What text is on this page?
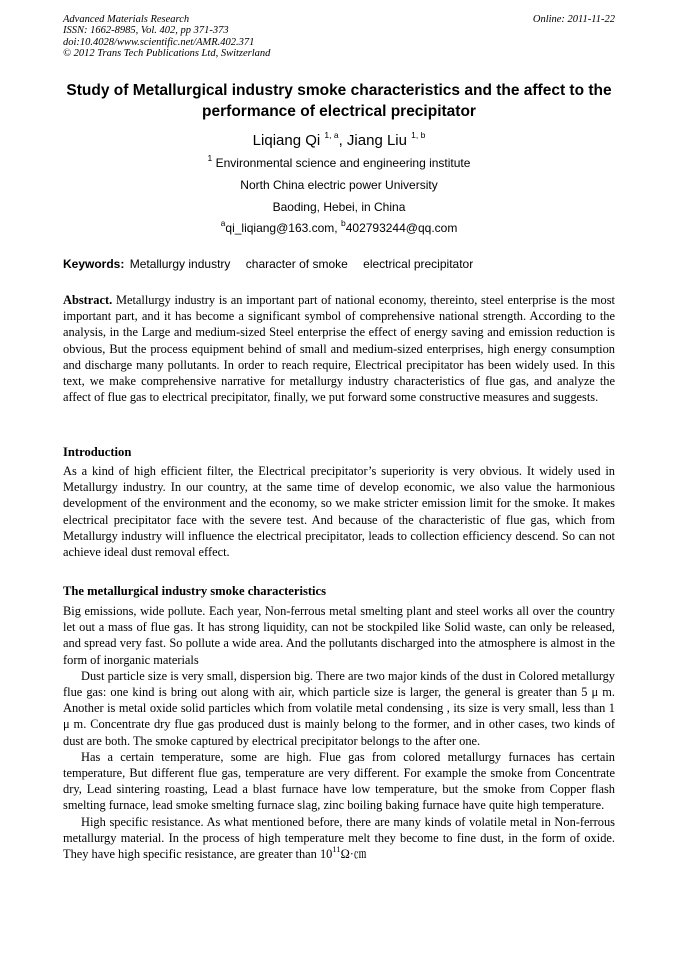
Advanced Materials Research
ISSN: 1662-8985, Vol. 402, pp 371-373
doi:10.4028/www.scientific.net/AMR.402.371
© 2012 Trans Tech Publications Ltd, Switzerland
Online: 2011-11-22
Study of Metallurgical industry smoke characteristics and the affect to the performance of electrical precipitator
Liqiang Qi $^{1, a}$, Jiang Liu $^{1, b}$
$^1$ Environmental science and engineering institute
North China electric power University
Baoding, Hebei, in China
$^a$qi_liqiang@163.com, $^b$402793244@qq.com
Keywords: Metallurgy industry character of smoke electrical precipitator

Abstract. Metallurgy industry is an important part of national economy, thereinto, steel enterprise is the most important part, and it has become a significant symbol of comprehensive national strength. According to the analysis, in the Large and medium-sized Steel enterprise the effect of energy saving and emission reduction is obvious, But the process equipment behind of small and medium-sized enterprises, high energy consumption and discharge many pollutants. In order to reach require, Electrical precipitator has been widely used. In this text, we make comprehensive narrative for metallurgy industry characteristics of flue gas, and analyze the affect of flue gas to electrical precipitator, finally, we put forward some constructive measures and suggests.

Introduction

As a kind of high efficient filter, the Electrical precipitator’s superiority is very obvious. It widely used in Metallurgy industry. In our country, at the same time of develop economic, we also value the harmonious development of the environment and the economy, so we make stricter emission limit for the smoke. It makes electrical precipitator face with the severe test. And because of the characteristic of flue gas, which from Metallurgy industry will influence the electrical precipitator, leads to collection efficiency descend. So can not achieve ideal dust removal effect.

The metallurgical industry smoke characteristics

Big emissions, wide pollute. Each year, Non-ferrous metal smelting plant and steel works all over the country let out a mass of flue gas. It has strong liquidity, can not be stockpiled like Solid waste, can only be released, and spread very fast. So pollute a wide area. And the pollutants discharged into the atmosphere is almost in the form of inorganic materials

Dust particle size is very small, dispersion big. There are two major kinds of the dust in Colored metallurgy flue gas: one kind is bring out along with air, which particle size is larger, the general is greater than 5 μ m. Another is metal oxide solid particles which from volatile metal condensing , its size is very small, less than 1 μ m. Concentrate dry flue gas produced dust is mainly belong to the former, and in other cases, two kinds of dust are both. The smoke captured by electrical precipitator belongs to the after one.

Has a certain temperature, some are high. Flue gas from colored metallurgy furnaces has certain temperature, But different flue gas, temperature are very different. For example the smoke from Concentrate dry, Lead sintering roasting, Lead a blast furnace have low temperature, but the smoke from Copper flash smelting furnace, lead smoke smelting furnace slag, zinc boiling baking furnace have quite high temperature.

High specific resistance. As what mentioned before, there are many kinds of volatile metal in Non-ferrous metallurgy material. In the process of high temperature melt they become to fine dust, in the form of oxide. They have high specific resistance, are greater than $10^{11}\Omega\cdot㎝$
